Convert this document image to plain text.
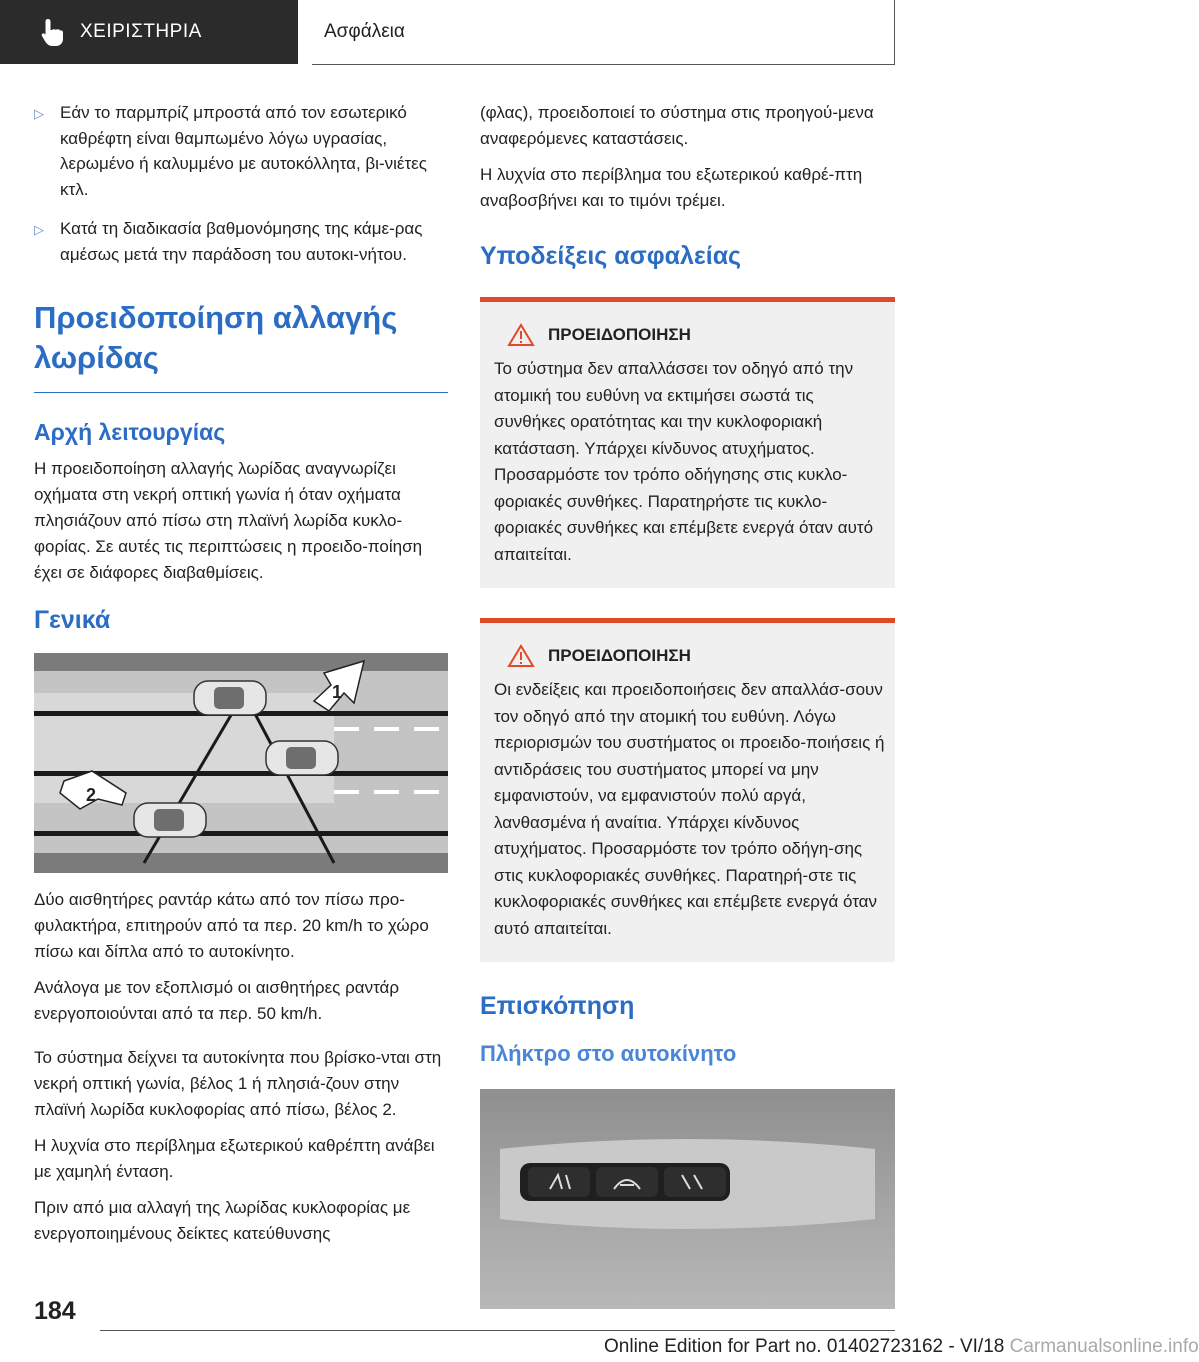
ΧΕΙΡΙΣΤΗΡΙΑ	Ασφάλεια
▷ Εάν το παρμπρίζ μπροστά από τον εσωτερικό καθρέφτη είναι θαμπωμένο λόγω υγρασίας, λερωμένο ή καλυμμένο με αυτοκόλλητα, βι-νιέτες κτλ.
▷ Κατά τη διαδικασία βαθμονόμησης της κάμε-ρας αμέσως μετά την παράδοση του αυτοκι-νήτου.
Προειδοποίηση αλλαγής λωρίδας
Αρχή λειτουργίας

Η προειδοποίηση αλλαγής λωρίδας αναγνωρίζει οχήματα στη νεκρή οπτική γωνία ή όταν οχήματα πλησιάζουν από πίσω στη πλαϊνή λωρίδα κυκλο-φορίας. Σε αυτές τις περιπτώσεις η προειδο-ποίηση έχει σε διάφορες διαβαθμίσεις.

Γενικά
1
2

Δύο αισθητήρες ραντάρ κάτω από τον πίσω προ-φυλακτήρα, επιτηρούν από τα περ. 20 km/h το χώρο πίσω και δίπλα από το αυτοκίνητο.

Ανάλογα με τον εξοπλισμό οι αισθητήρες ραντάρ ενεργοποιούνται από τα περ. 50 km/h.

Το σύστημα δείχνει τα αυτοκίνητα που βρίσκο-νται στη νεκρή οπτική γωνία, βέλος 1 ή πλησιά-ζουν στην πλαϊνή λωρίδα κυκλοφορίας από πίσω, βέλος 2.

Η λυχνία στο περίβλημα εξωτερικού καθρέπτη ανάβει με χαμηλή ένταση.

Πριν από μια αλλαγή της λωρίδας κυκλοφορίας με ενεργοποιημένους δείκτες κατεύθυνσης

(φλας), προειδοποιεί το σύστημα στις προηγού-μενα αναφερόμενες καταστάσεις.

Η λυχνία στο περίβλημα του εξωτερικού καθρέ-πτη αναβοσβήνει και το τιμόνι τρέμει.

Υποδείξεις ασφαλείας
ΠΡΟΕΙΔΟΠΟΙΗΣΗ
Το σύστημα δεν απαλλάσσει τον οδηγό από την ατομική του ευθύνη να εκτιμήσει σωστά τις συνθήκες ορατότητας και την κυκλοφοριακή κατάσταση. Υπάρχει κίνδυνος ατυχήματος. Προσαρμόστε τον τρόπο οδήγησης στις κυκλο-φοριακές συνθήκες. Παρατηρήστε τις κυκλο-φοριακές συνθήκες και επέμβετε ενεργά όταν αυτό απαιτείται.
ΠΡΟΕΙΔΟΠΟΙΗΣΗ
Οι ενδείξεις και προειδοποιήσεις δεν απαλλάσ-σουν τον οδηγό από την ατομική του ευθύνη. Λόγω περιορισμών του συστήματος οι προειδο-ποιήσεις ή αντιδράσεις του συστήματος μπορεί να μην εμφανιστούν, να εμφανιστούν πολύ αργά, λανθασμένα ή αναίτια. Υπάρχει κίνδυνος ατυχήματος. Προσαρμόστε τον τρόπο οδήγη-σης στις κυκλοφοριακές συνθήκες. Παρατηρή-στε τις κυκλοφοριακές συνθήκες και επέμβετε ενεργά όταν αυτό απαιτείται.
Επισκόπηση
Πλήκτρο στο αυτοκίνητο
184
Online Edition for Part no. 01402723162 - VI/18 Carmanualsonline.info
